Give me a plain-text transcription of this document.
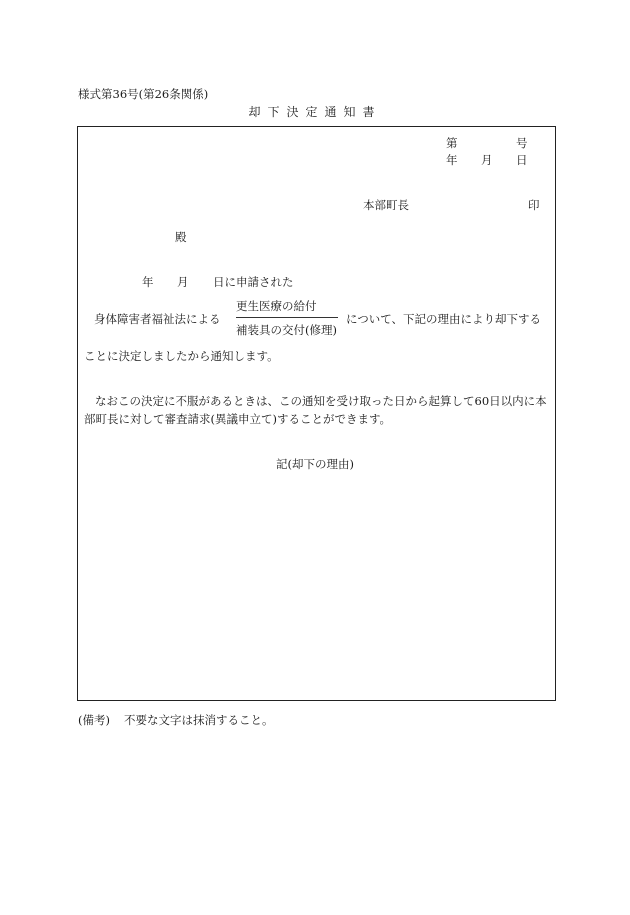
様式第36号(第26条関係)
却下決定通知書
第	号
年 月 日
本部町長	印
殿
年 月 日に申請された
身体障害者福祉法による
更生医療の給付
補装具の交付(修理)
について、下記の理由により却下する
ことに決定しましたから通知します。
なおこの決定に不服があるときは、この通知を受け取った日から起算して60日以内に本部町長に対して審査請求(異議申立て)することができます。
記(却下の理由)
(備考) 不要な文字は抹消すること。
